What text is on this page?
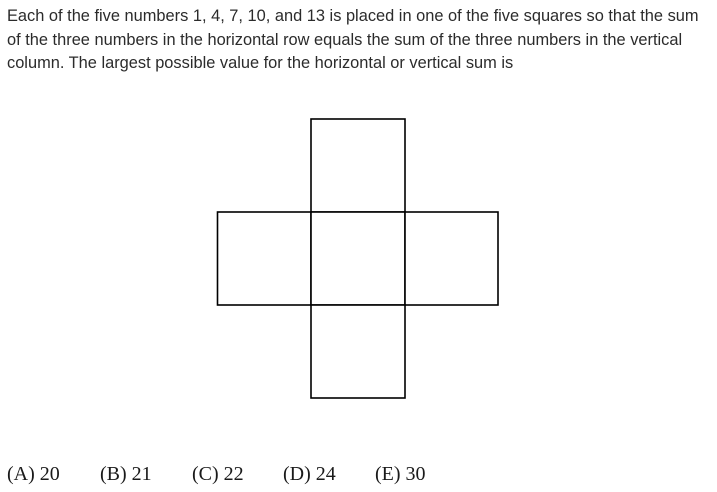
Each of the five numbers 1, 4, 7, 10, and 13 is placed in one of the five squares so that the sum of the three numbers in the horizontal row equals the sum of the three numbers in the vertical column. The largest possible value for the horizontal or vertical sum is

(A) 20 (B) 21 (C) 22 (D) 24 (E) 30
